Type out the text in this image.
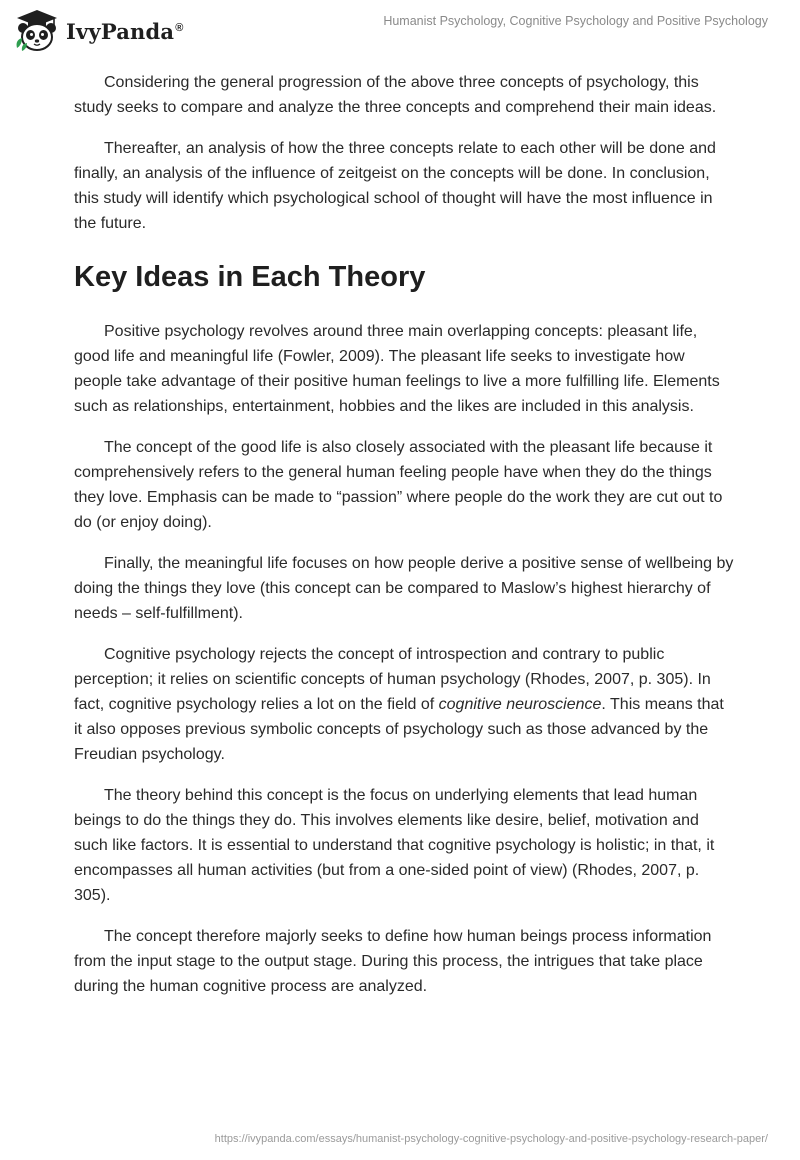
IvyPanda®	Humanist Psychology, Cognitive Psychology and Positive Psychology

Considering the general progression of the above three concepts of psychology, this study seeks to compare and analyze the three concepts and comprehend their main ideas.

Thereafter, an analysis of how the three concepts relate to each other will be done and finally, an analysis of the influence of zeitgeist on the concepts will be done. In conclusion, this study will identify which psychological school of thought will have the most influence in the future.

Key Ideas in Each Theory

Positive psychology revolves around three main overlapping concepts: pleasant life, good life and meaningful life (Fowler, 2009). The pleasant life seeks to investigate how people take advantage of their positive human feelings to live a more fulfilling life. Elements such as relationships, entertainment, hobbies and the likes are included in this analysis.

The concept of the good life is also closely associated with the pleasant life because it comprehensively refers to the general human feeling people have when they do the things they love. Emphasis can be made to “passion” where people do the work they are cut out to do (or enjoy doing).

Finally, the meaningful life focuses on how people derive a positive sense of wellbeing by doing the things they love (this concept can be compared to Maslow’s highest hierarchy of needs – self-fulfillment).

Cognitive psychology rejects the concept of introspection and contrary to public perception; it relies on scientific concepts of human psychology (Rhodes, 2007, p. 305). In fact, cognitive psychology relies a lot on the field of cognitive neuroscience. This means that it also opposes previous symbolic concepts of psychology such as those advanced by the Freudian psychology.

The theory behind this concept is the focus on underlying elements that lead human beings to do the things they do. This involves elements like desire, belief, motivation and such like factors. It is essential to understand that cognitive psychology is holistic; in that, it encompasses all human activities (but from a one-sided point of view) (Rhodes, 2007, p. 305).

The concept therefore majorly seeks to define how human beings process information from the input stage to the output stage. During this process, the intrigues that take place during the human cognitive process are analyzed.

https://ivypanda.com/essays/humanist-psychology-cognitive-psychology-and-positive-psychology-research-paper/
